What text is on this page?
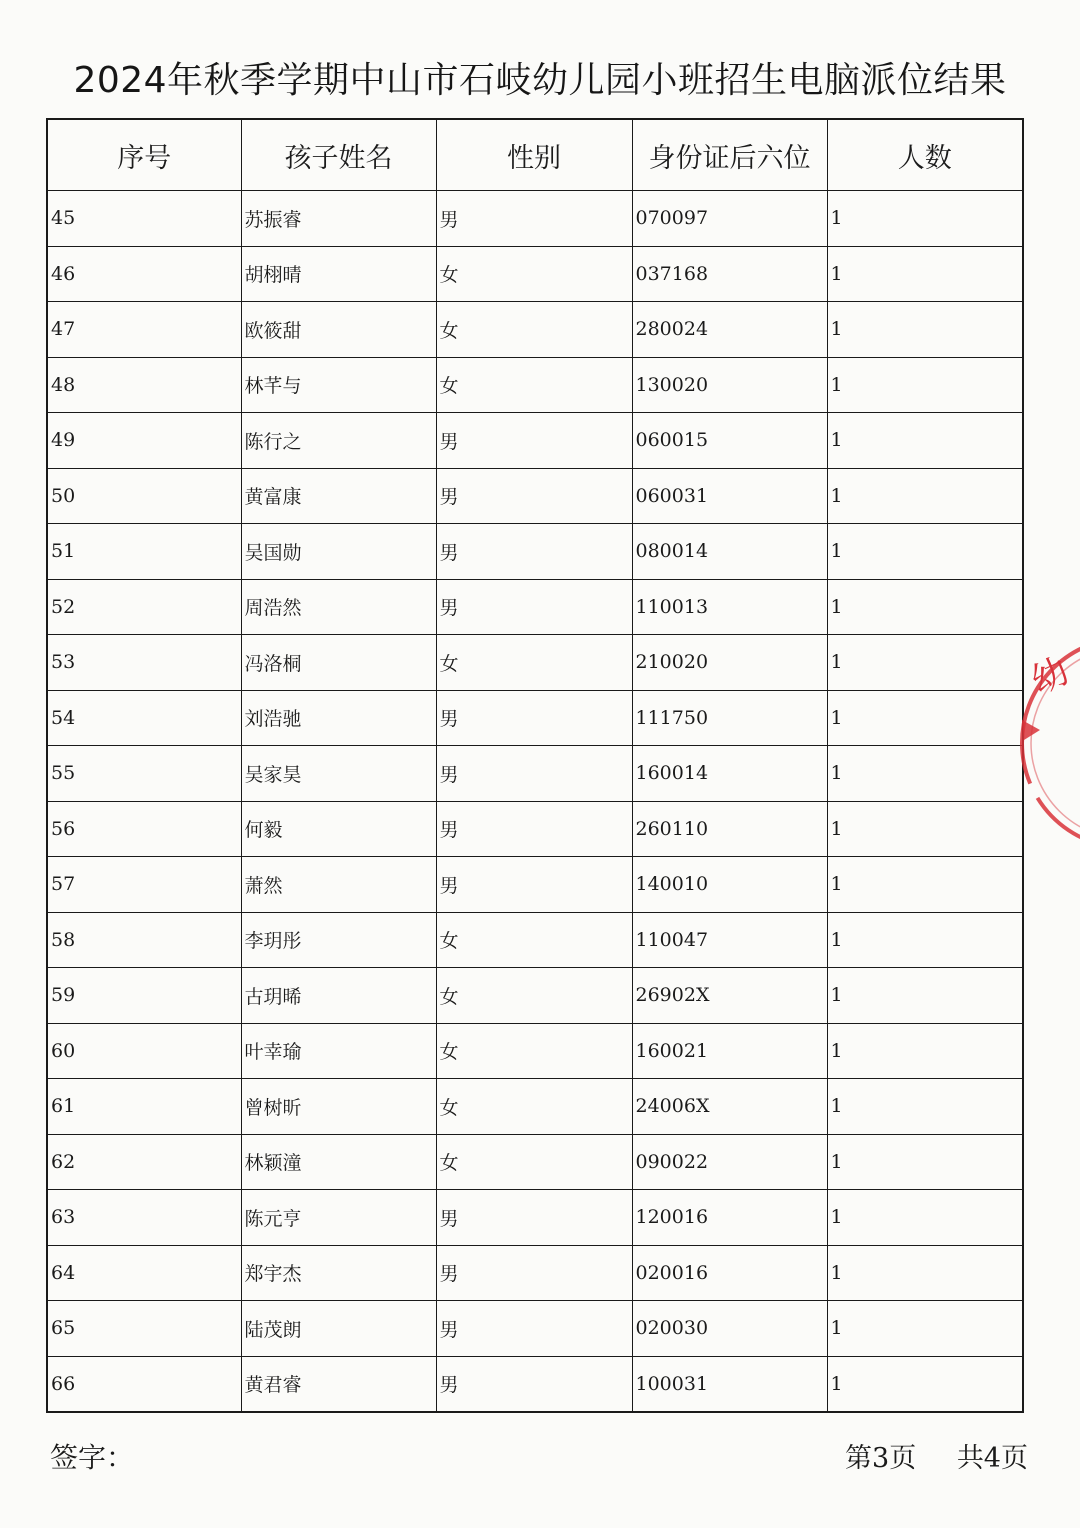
2024年秋季学期中山市石岐幼儿园小班招生电脑派位结果
序号	孩子姓名	性别	身份证后六位	人数
45	苏振睿	男	070097	1
46	胡栩晴	女	037168	1
47	欧筱甜	女	280024	1
48	林芊与	女	130020	1
49	陈行之	男	060015	1
50	黄富康	男	060031	1
51	吴国勋	男	080014	1
52	周浩然	男	110013	1
53	冯洛桐	女	210020	1
54	刘浩驰	男	111750	1
55	吴家昊	男	160014	1
56	何毅	男	260110	1
57	萧然	男	140010	1
58	李玥彤	女	110047	1
59	古玥晞	女	26902X	1
60	叶幸瑜	女	160021	1
61	曾树昕	女	24006X	1
62	林颖潼	女	090022	1
63	陈元亨	男	120016	1
64	郑宇杰	男	020016	1
65	陆茂朗	男	020030	1
66	黄君睿	男	100031	1
签字：	第3页 共4页
幼
